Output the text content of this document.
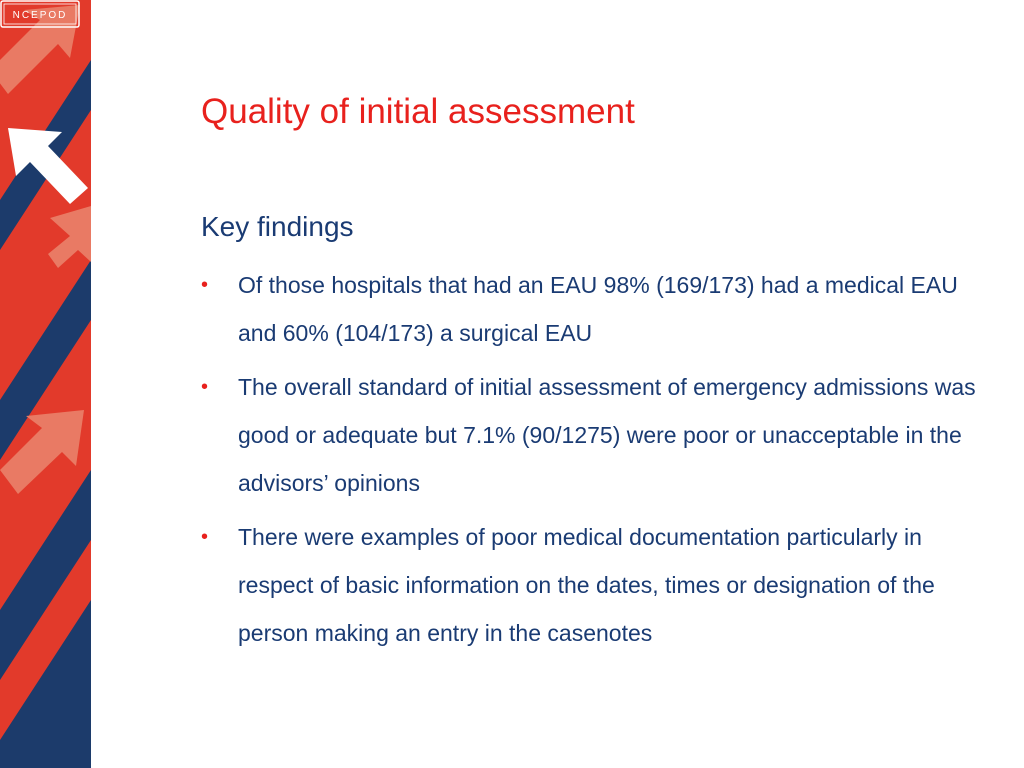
NCEPOD
Quality of initial assessment
Key findings
• Of those hospitals that had an EAU 98% (169/173) had a medical EAU and 60% (104/173) a surgical EAU
• The overall standard of initial assessment of emergency admissions was good or adequate but 7.1% (90/1275) were poor or unacceptable in the advisors’ opinions
• There were examples of poor medical documentation particularly in respect of basic information on the dates, times or designation of the person making an entry in the casenotes
